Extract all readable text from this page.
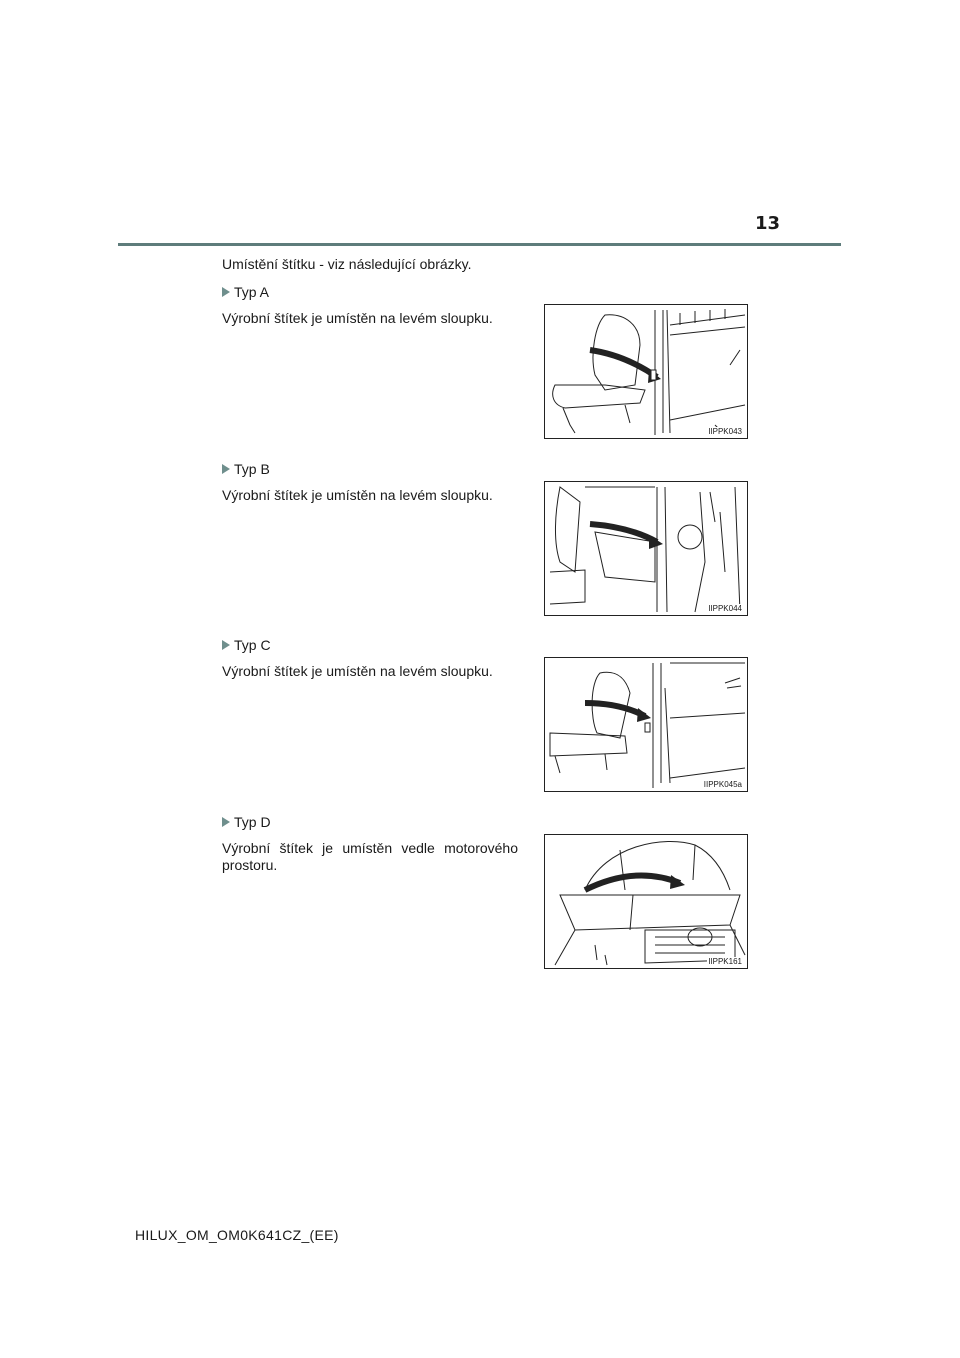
13
Umístění štítku - viz následující obrázky.
Typ A
Výrobní štítek je umístěn na levém sloupku.
IIPPK043
Typ B
Výrobní štítek je umístěn na levém sloupku.
IIPPK044
Typ C
Výrobní štítek je umístěn na levém sloupku.
IIPPK045a
Typ D
Výrobní štítek je umístěn vedle motorového prostoru.
IIPPK161
HILUX_OM_OM0K641CZ_(EE)
